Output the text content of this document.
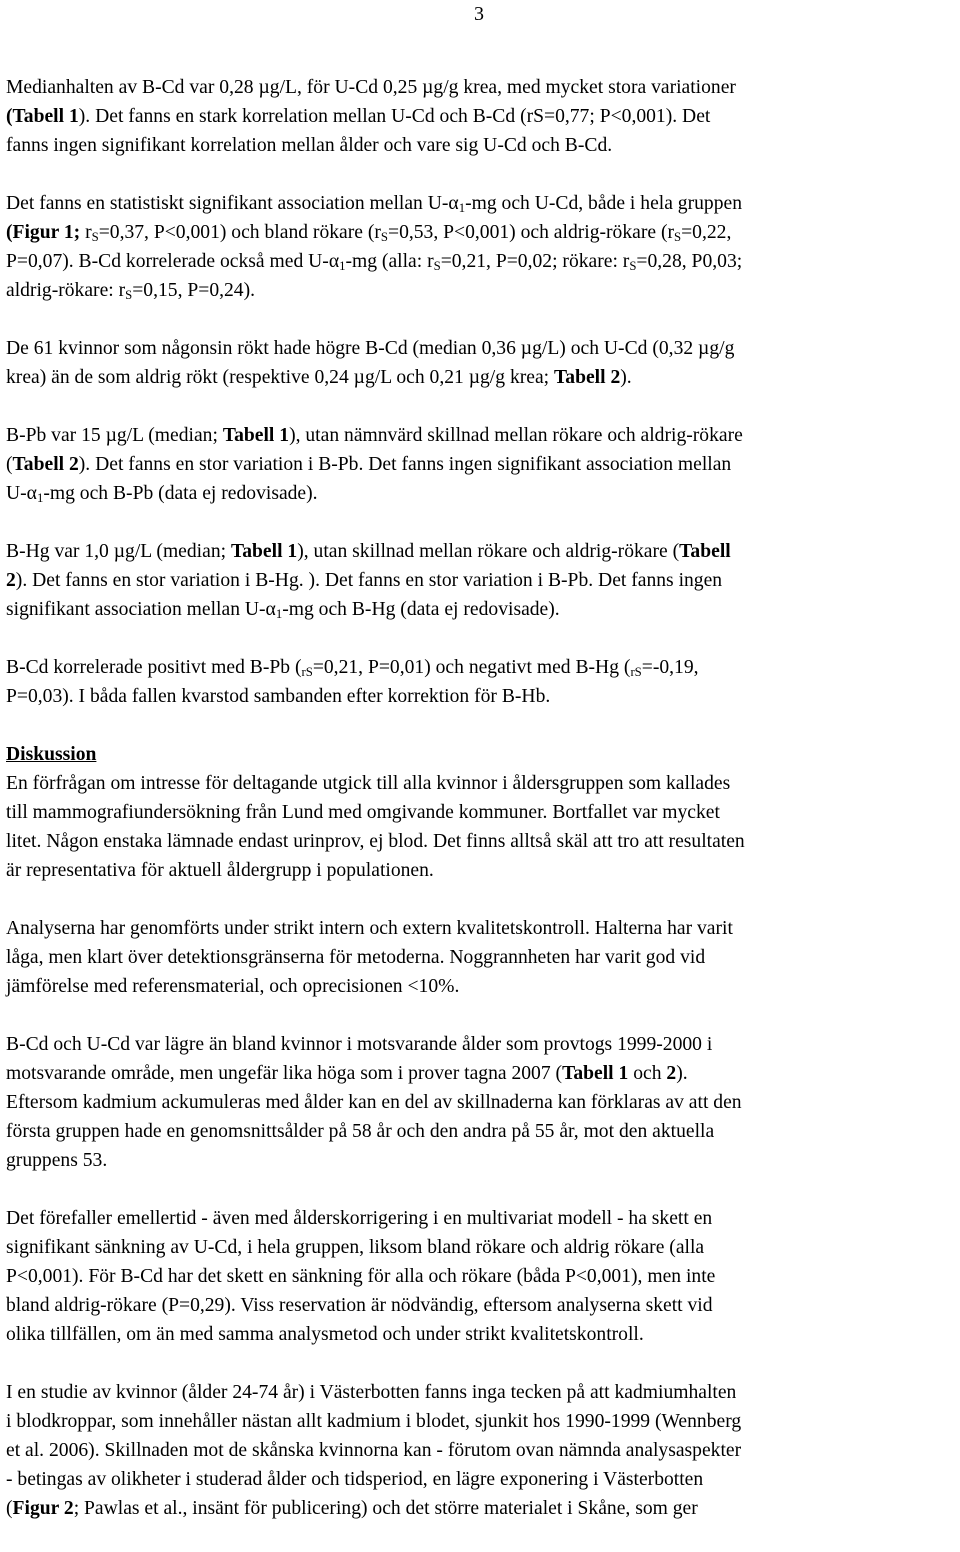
3
Medianhalten av B-Cd var 0,28 µg/L, för U-Cd 0,25 µg/g krea, med mycket stora variationer
(Tabell 1). Det fanns en stark korrelation mellan U-Cd och B-Cd (rS=0,77; P<0,001). Det
fanns ingen signifikant korrelation mellan ålder och vare sig U-Cd och B-Cd.
Det fanns en statistiskt signifikant association mellan $U-\alpha_1-mg$ och U-Cd, både i hela gruppen
(Figur 1; $r_S=0,37$, P<0,001) och bland rökare ($r_S=0,53$, P<0,001) och aldrig-rökare ($r_S=0,22$,
P=0,07). B-Cd korrelerade också med $U-\alpha_1-mg$ (alla: $r_S=0,21$, P=0,02; rökare: $r_S=0,28$, P0,03;
aldrig-rökare: $r_S=0,15$, P=0,24).
De 61 kvinnor som någonsin rökt hade högre B-Cd (median 0,36 µg/L) och U-Cd (0,32 µg/g
krea) än de som aldrig rökt (respektive 0,24 µg/L och 0,21 µg/g krea; Tabell 2).
B-Pb var 15 µg/L (median; Tabell 1), utan nämnvärd skillnad mellan rökare och aldrig-rökare
(Tabell 2). Det fanns en stor variation i B-Pb. Det fanns ingen signifikant association mellan
$U-\alpha_1-mg$ och B-Pb (data ej redovisade).
B-Hg var 1,0 µg/L (median; Tabell 1), utan skillnad mellan rökare och aldrig-rökare (Tabell
2). Det fanns en stor variation i B-Hg. ). Det fanns en stor variation i B-Pb. Det fanns ingen
signifikant association mellan $U-\alpha_1-mg$ och B-Hg (data ej redovisade).
B-Cd korrelerade positivt med B-Pb ($_{rS}=0,21$, P=0,01) och negativt med B-Hg ($_{rS}=-0,19$,
P=0,03). I båda fallen kvarstod sambanden efter korrektion för B-Hb.
Diskussion
En förfrågan om intresse för deltagande utgick till alla kvinnor i åldersgruppen som kallades
till mammografiundersökning från Lund med omgivande kommuner. Bortfallet var mycket
litet. Någon enstaka lämnade endast urinprov, ej blod. Det finns alltså skäl att tro att resultaten
är representativa för aktuell åldergrupp i populationen.
Analyserna har genomförts under strikt intern och extern kvalitetskontroll. Halterna har varit
låga, men klart över detektionsgränserna för metoderna. Noggrannheten har varit god vid
jämförelse med referensmaterial, och oprecisionen <10%.
B-Cd och U-Cd var lägre än bland kvinnor i motsvarande ålder som provtogs 1999-2000 i
motsvarande område, men ungefär lika höga som i prover tagna 2007 (Tabell 1 och 2).
Eftersom kadmium ackumuleras med ålder kan en del av skillnaderna kan förklaras av att den
första gruppen hade en genomsnittsålder på 58 år och den andra på 55 år, mot den aktuella
gruppens 53.
Det förefaller emellertid - även med ålderskorrigering i en multivariat modell - ha skett en
signifikant sänkning av U-Cd, i hela gruppen, liksom bland rökare och aldrig rökare (alla
P<0,001). För B-Cd har det skett en sänkning för alla och rökare (båda P<0,001), men inte
bland aldrig-rökare (P=0,29). Viss reservation är nödvändig, eftersom analyserna skett vid
olika tillfällen, om än med samma analysmetod och under strikt kvalitetskontroll.
I en studie av kvinnor (ålder 24-74 år) i Västerbotten fanns inga tecken på att kadmiumhalten
i blodkroppar, som innehåller nästan allt kadmium i blodet, sjunkit hos 1990-1999 (Wennberg
et al. 2006). Skillnaden mot de skånska kvinnorna kan - förutom ovan nämnda analysaspekter
- betingas av olikheter i studerad ålder och tidsperiod, en lägre exponering i Västerbotten
(Figur 2; Pawlas et al., insänt för publicering) och det större materialet i Skåne, som ger
